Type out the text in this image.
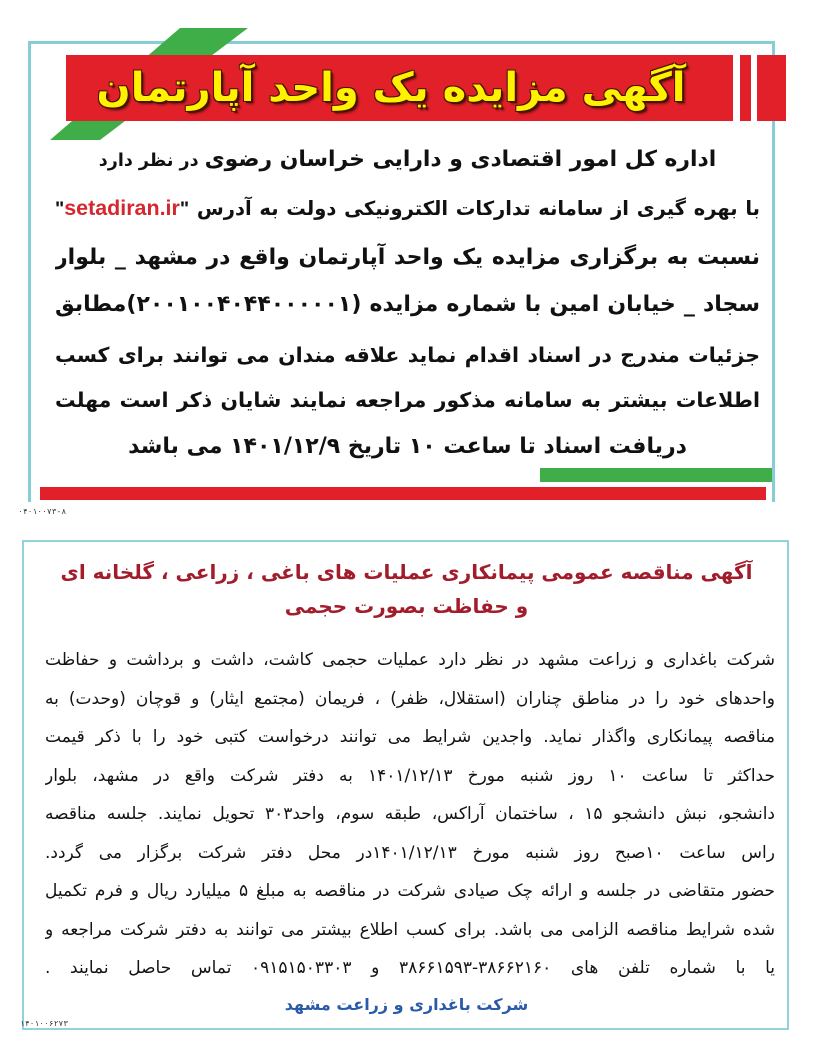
آگهی مزایده یک واحد آپارتمان
اداره کل امور اقتصادی و دارایی خراسان رضوی در نظر دارد
با بهره گیری از سامانه تدارکات الکترونیکی دولت به آدرس "setadiran.ir"
نسبت به برگزاری مزایده یک واحد آپارتمان واقع در مشهد _ بلوار
سجاد _ خیابان امین با شماره مزایده (۲۰۰۱۰۰۴۰۴۴۰۰۰۰۰۱)مطابق
جزئیات مندرج در اسناد اقدام نماید علاقه مندان می توانند برای کسب
اطلاعات بیشتر به سامانه مذکور مراجعه نمایند شایان ذکر است مهلت
دریافت اسناد تا ساعت ۱۰ تاریخ ۱۴۰۱/۱۲/۹ می باشد
۰۴۰۱۰۰۷۳-۸
آگهی مناقصه عمومی پیمانکاری عملیات های باغی ، زراعی ، گلخانه ای
و حفاظت بصورت حجمی
شرکت باغداری و زراعت مشهد در نظر دارد عملیات حجمی کاشت، داشت و برداشت و حفاظت
واحدهای خود را در مناطق چناران (استقلال، ظفر) ، فریمان (مجتمع ایثار) و قوچان (وحدت) به
مناقصه پیمانکاری واگذار نماید. واجدین شرایط می توانند درخواست کتبی خود را با ذکر قیمت
حداکثر تا ساعت ۱۰ روز شنبه مورخ ۱۴۰۱/۱۲/۱۳ به دفتر شرکت واقع در مشهد، بلوار
دانشجو، نبش دانشجو ۱۵ ، ساختمان آراکس، طبقه سوم، واحد۳۰۳ تحویل نمایند. جلسه مناقصه
راس ساعت ۱۰صبح روز شنبه مورخ ۱۴۰۱/۱۲/۱۳در محل دفتر شرکت برگزار می گردد.
حضور متقاضی در جلسه و ارائه چک صیادی شرکت در مناقصه به مبلغ ۵ میلیارد ریال و فرم تکمیل
شده شرایط مناقصه الزامی می باشد. برای کسب اطلاع بیشتر می توانند به دفتر شرکت مراجعه و
یا با شماره تلفن های ۳۸۶۶۲۱۶۰-۳۸۶۶۱۵۹۳ و ۰۹۱۵۱۵۰۳۳۰۳ تماس حاصل نمایند .
شرکت باغداری و زراعت مشهد
۱۴۰۱۰۰۶۲۷۳
